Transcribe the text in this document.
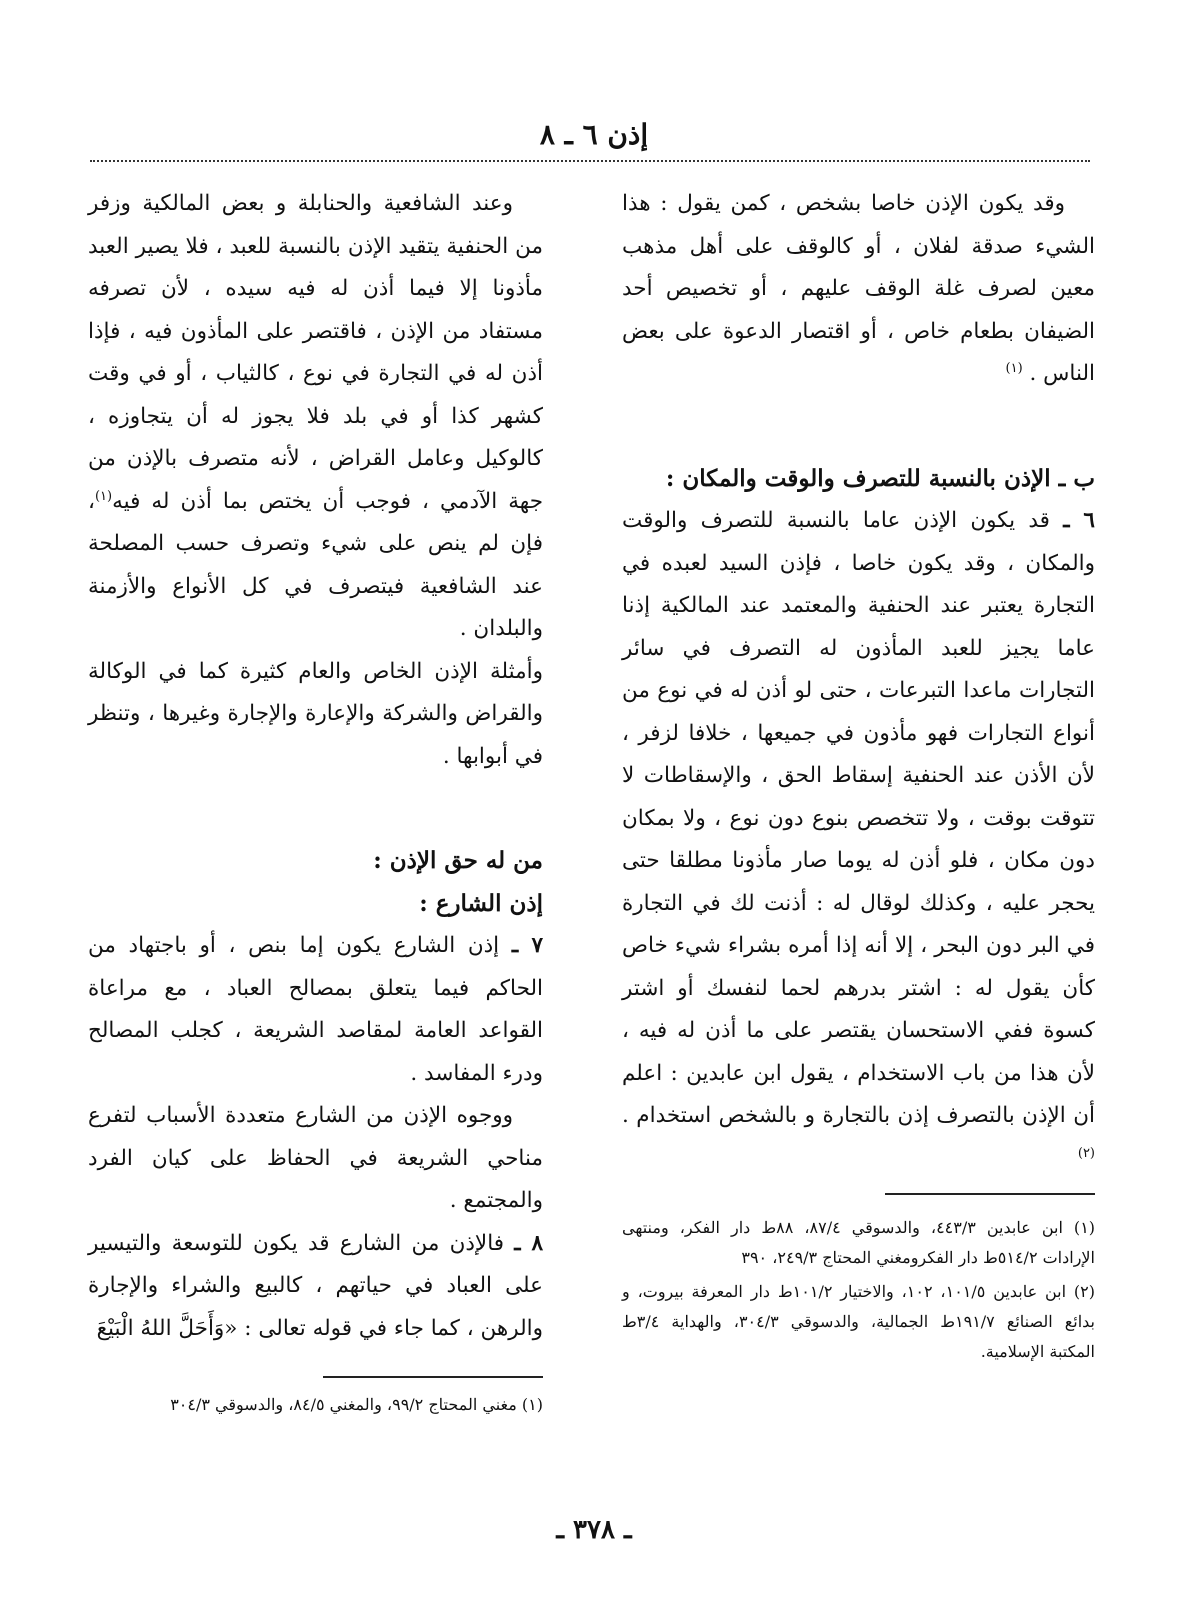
إذن ٦ ـ ٨

وقد يكون الإذن خاصا بشخص ، كمن يقول : هذا الشيء صدقة لفلان ، أو كالوقف على أهل مذهب معين لصرف غلة الوقف عليهم ، أو تخصيص أحد الضيفان بطعام خاص ، أو اقتصار الدعوة على بعض الناس . $^{(١)}$

ب ـ الإذن بالنسبة للتصرف والوقت والمكان :

٦ ـ قد يكون الإذن عاما بالنسبة للتصرف والوقت والمكان ، وقد يكون خاصا ، فإذن السيد لعبده في التجارة يعتبر عند الحنفية والمعتمد عند المالكية إذنا عاما يجيز للعبد المأذون له التصرف في سائر التجارات ماعدا التبرعات ، حتى لو أذن له في نوع من أنواع التجارات فهو مأذون في جميعها ، خلافا لزفر ، لأن الأذن عند الحنفية إسقاط الحق ، والإسقاطات لا تتوقت بوقت ، ولا تتخصص بنوع دون نوع ، ولا بمكان دون مكان ، فلو أذن له يوما صار مأذونا مطلقا حتى يحجر عليه ، وكذلك لوقال له : أذنت لك في التجارة في البر دون البحر ، إلا أنه إذا أمره بشراء شيء خاص كأن يقول له : اشتر بدرهم لحما لنفسك أو اشتر كسوة ففي الاستحسان يقتصر على ما أذن له فيه ، لأن هذا من باب الاستخدام ، يقول ابن عابدين : اعلم أن الإذن بالتصرف إذن بالتجارة و بالشخص استخدام . $^{(٢)}$

(١) ابن عابدين ٤٤٣/٣، والدسوقي ٨٧/٤، ٨٨ط دار الفكر، ومنتهى الإرادات ٥١٤/٢ط دار الفكرومغني المحتاج ٢٤٩/٣، ٣٩٠

(٢) ابن عابدين ١٠١/٥، ١٠٢، والاختيار ١٠١/٢ط دار المعرفة بيروت، و بدائع الصنائع ١٩١/٧ط الجمالية، والدسوقي ٣٠٤/٣، والهداية ٣/٤ط المكتبة الإسلامية.

وعند الشافعية والحنابلة و بعض المالكية وزفر من الحنفية يتقيد الإذن بالنسبة للعبد ، فلا يصير العبد مأذونا إلا فيما أذن له فيه سيده ، لأن تصرفه مستفاد من الإذن ، فاقتصر على المأذون فيه ، فإذا أذن له في التجارة في نوع ، كالثياب ، أو في وقت كشهر كذا أو في بلد فلا يجوز له أن يتجاوزه ، كالوكيل وعامل القراض ، لأنه متصرف بالإذن من جهة الآدمي ، فوجب أن يختص بما أذن له فيه$^{(١)}$، فإن لم ينص على شيء وتصرف حسب المصلحة عند الشافعية فيتصرف في كل الأنواع والأزمنة والبلدان .

وأمثلة الإذن الخاص والعام كثيرة كما في الوكالة والقراض والشركة والإعارة والإجارة وغيرها ، وتنظر في أبوابها .

من له حق الإذن :

إذن الشارع :

٧ ـ إذن الشارع يكون إما بنص ، أو باجتهاد من الحاكم فيما يتعلق بمصالح العباد ، مع مراعاة القواعد العامة لمقاصد الشريعة ، كجلب المصالح ودرء المفاسد .

ووجوه الإذن من الشارع متعددة الأسباب لتفرع مناحي الشريعة في الحفاظ على كيان الفرد والمجتمع .

٨ ـ فالإذن من الشارع قد يكون للتوسعة والتيسير على العباد في حياتهم ، كالبيع والشراء والإجارة والرهن ، كما جاء في قوله تعالى : «وَأَحَلَّ اللهُ الْبَيْعَ

(١) مغني المحتاج ٩٩/٢، والمغني ٨٤/٥، والدسوقي ٣٠٤/٣

ـ ٣٧٨ ـ
